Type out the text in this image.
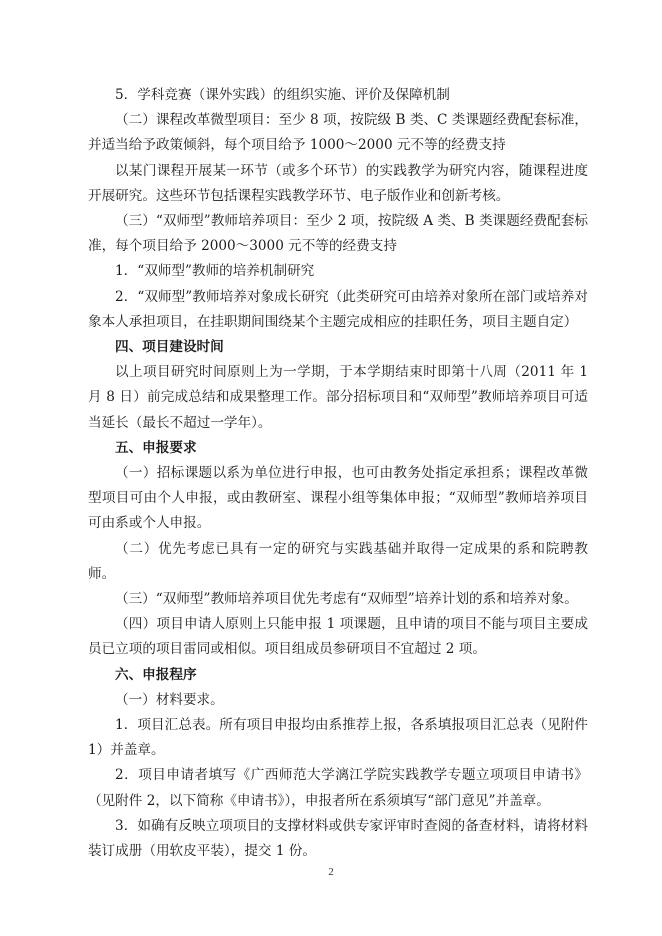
5．学科竞赛（课外实践）的组织实施、评价及保障机制

（二）课程改革微型项目：至少 8 项，按院级 B 类、C 类课题经费配套标准，并适当给予政策倾斜，每个项目给予 1000～2000 元不等的经费支持

以某门课程开展某一环节（或多个环节）的实践教学为研究内容，随课程进度开展研究。这些环节包括课程实践教学环节、电子版作业和创新考核。

（三）“双师型”教师培养项目：至少 2 项，按院级 A 类、B 类课题经费配套标准，每个项目给予 2000～3000 元不等的经费支持

1．“双师型”教师的培养机制研究

2．“双师型”教师培养对象成长研究（此类研究可由培养对象所在部门或培养对象本人承担项目，在挂职期间围绕某个主题完成相应的挂职任务，项目主题自定）

四、项目建设时间

以上项目研究时间原则上为一学期，于本学期结束时即第十八周（2011 年 1 月 8 日）前完成总结和成果整理工作。部分招标项目和“双师型”教师培养项目可适当延长（最长不超过一学年）。

五、申报要求

（一）招标课题以系为单位进行申报，也可由教务处指定承担系；课程改革微型项目可由个人申报，或由教研室、课程小组等集体申报；“双师型”教师培养项目可由系或个人申报。

（二）优先考虑已具有一定的研究与实践基础并取得一定成果的系和院聘教师。

（三）“双师型”教师培养项目优先考虑有“双师型”培养计划的系和培养对象。

（四）项目申请人原则上只能申报 1 项课题，且申请的项目不能与项目主要成员已立项的项目雷同或相似。项目组成员参研项目不宜超过 2 项。

六、申报程序

（一）材料要求。

1．项目汇总表。所有项目申报均由系推荐上报，各系填报项目汇总表（见附件 1）并盖章。

2．项目申请者填写《广西师范大学漓江学院实践教学专题立项项目申请书》（见附件 2，以下简称《申请书》），申报者所在系须填写“部门意见”并盖章。

3．如确有反映立项项目的支撑材料或供专家评审时查阅的备查材料，请将材料装订成册（用软皮平装），提交 1 份。

2
